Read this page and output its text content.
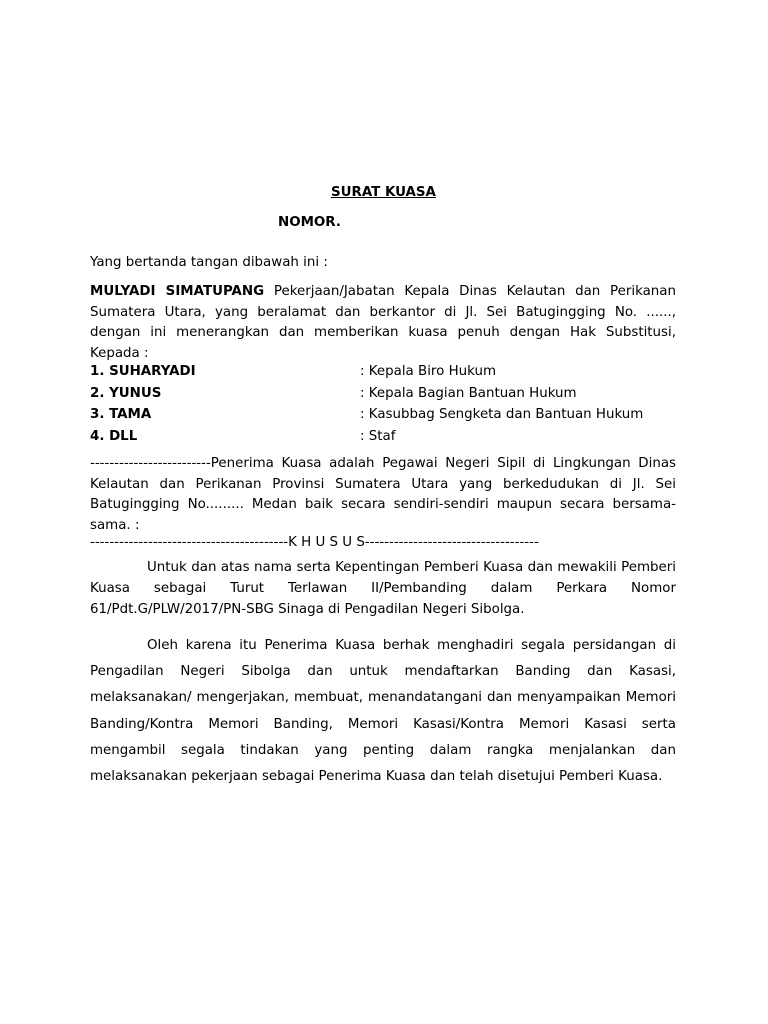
SURAT KUASA
NOMOR.
Yang bertanda tangan dibawah ini :
MULYADI SIMATUPANG Pekerjaan/Jabatan Kepala Dinas Kelautan dan Perikanan Sumatera Utara, yang beralamat dan berkantor di Jl. Sei Batugingging No. ......, dengan ini menerangkan dan memberikan kuasa penuh dengan Hak Substitusi, Kepada :
1. SUHARYADI	: Kepala Biro Hukum
2. YUNUS	: Kepala Bagian Bantuan Hukum
3. TAMA	: Kasubbag Sengketa dan Bantuan Hukum
4. DLL	: Staf
-------------------------Penerima Kuasa adalah Pegawai Negeri Sipil di Lingkungan Dinas Kelautan dan Perikanan Provinsi Sumatera Utara yang berkedudukan di Jl. Sei Batugingging No......... Medan baik secara sendiri-sendiri maupun secara bersama-sama. :
-----------------------------------------K H U S U S------------------------------------
Untuk dan atas nama serta Kepentingan Pemberi Kuasa dan mewakili Pemberi Kuasa sebagai Turut Terlawan II/Pembanding dalam Perkara Nomor 61/Pdt.G/PLW/2017/PN-SBG Sinaga di Pengadilan Negeri Sibolga.
Oleh karena itu Penerima Kuasa berhak menghadiri segala persidangan di Pengadilan Negeri Sibolga dan untuk mendaftarkan Banding dan Kasasi, melaksanakan/ mengerjakan, membuat, menandatangani dan menyampaikan Memori Banding/Kontra Memori Banding, Memori Kasasi/Kontra Memori Kasasi serta mengambil segala tindakan yang penting dalam rangka menjalankan dan melaksanakan pekerjaan sebagai Penerima Kuasa dan telah disetujui Pemberi Kuasa.
